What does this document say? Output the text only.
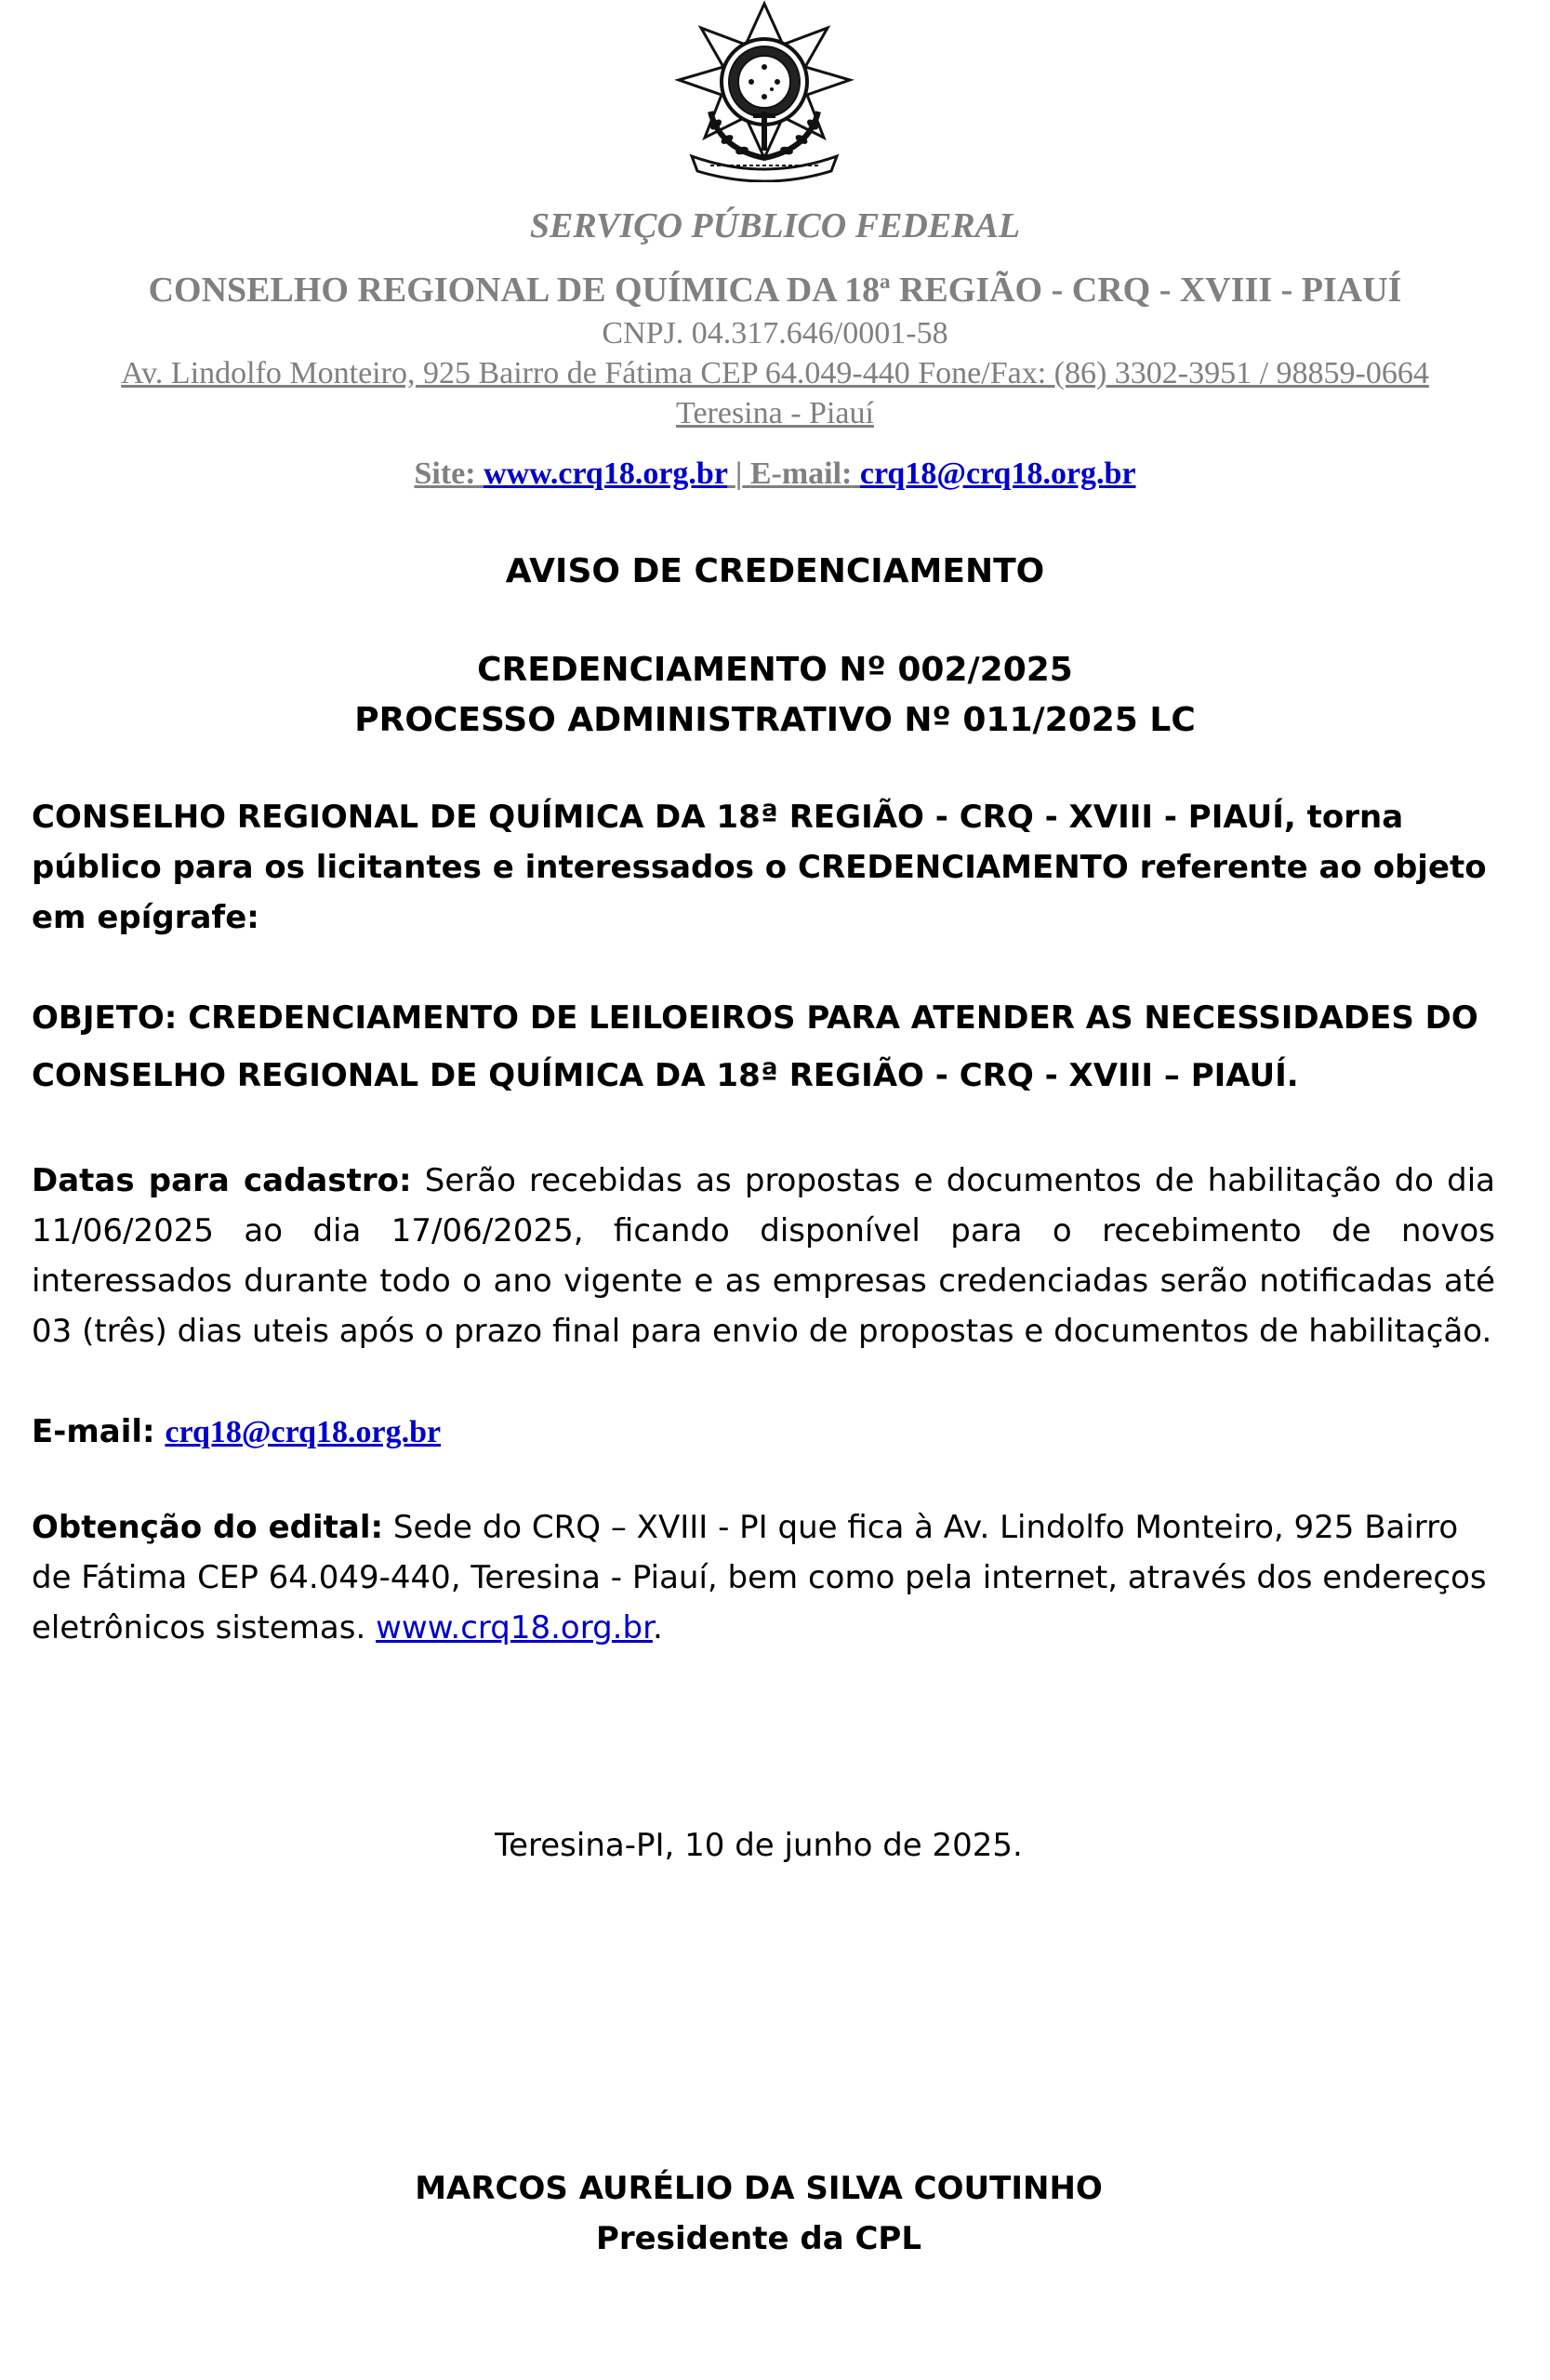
SERVIÇO PÚBLICO FEDERAL
CONSELHO REGIONAL DE QUÍMICA DA 18ª REGIÃO - CRQ - XVIII - PIAUÍ
CNPJ. 04.317.646/0001-58
Av. Lindolfo Monteiro, 925 Bairro de Fátima CEP 64.049-440 Fone/Fax: (86) 3302-3951 / 98859-0664
Teresina - Piauí
Site: www.crq18.org.br | E-mail: crq18@crq18.org.br
AVISO DE CREDENCIAMENTO
CREDENCIAMENTO Nº 002/2025
PROCESSO ADMINISTRATIVO Nº 011/2025 LC
CONSELHO REGIONAL DE QUÍMICA DA 18ª REGIÃO - CRQ - XVIII - PIAUÍ, torna público para os licitantes e interessados o CREDENCIAMENTO referente ao objeto em epígrafe:
OBJETO: CREDENCIAMENTO DE LEILOEIROS PARA ATENDER AS NECESSIDADES DO
CONSELHO REGIONAL DE QUÍMICA DA 18ª REGIÃO - CRQ - XVIII – PIAUÍ.
Datas para cadastro: Serão recebidas as propostas e documentos de habilitação do dia 11/06/2025 ao dia 17/06/2025, ficando disponível para o recebimento de novos interessados durante todo o ano vigente e as empresas credenciadas serão notificadas até 03 (três) dias uteis após o prazo final para envio de propostas e documentos de habilitação.
E-mail: crq18@crq18.org.br
Obtenção do edital: Sede do CRQ – XVIII - PI que fica à Av. Lindolfo Monteiro, 925 Bairro de Fátima CEP 64.049-440, Teresina - Piauí, bem como pela internet, através dos endereços eletrônicos sistemas. www.crq18.org.br.
Teresina-PI, 10 de junho de 2025.
MARCOS AURÉLIO DA SILVA COUTINHO
Presidente da CPL
